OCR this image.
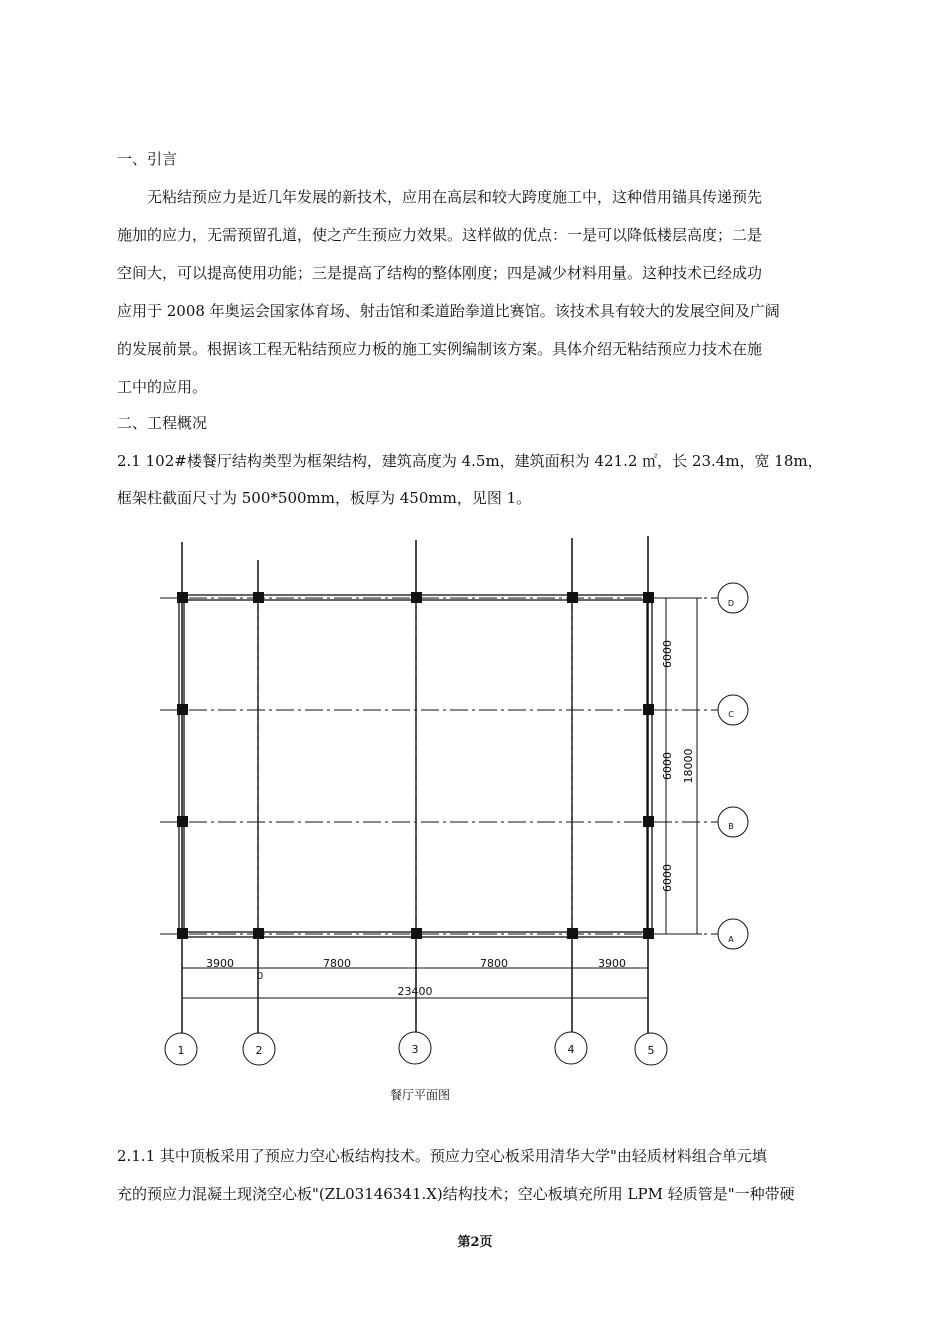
一、引言
无粘结预应力是近几年发展的新技术，应用在高层和较大跨度施工中，这种借用锚具传递预先
施加的应力，无需预留孔道，使之产生预应力效果。这样做的优点：一是可以降低楼层高度；二是
空间大，可以提高使用功能；三是提高了结构的整体刚度；四是减少材料用量。这种技术已经成功
应用于 2008 年奥运会国家体育场、射击馆和柔道跆拳道比赛馆。该技术具有较大的发展空间及广阔
的发展前景。根据该工程无粘结预应力板的施工实例编制该方案。具体介绍无粘结预应力技术在施
工中的应用。
二、工程概况
2.1 102#楼餐厅结构类型为框架结构，建筑高度为 4.5m，建筑面积为 421.2 ㎡，长 23.4m，宽 18m，
框架柱截面尺寸为 500*500mm，板厚为 450mm，见图 1。
6000
6000
6000
18000
D
C
B
A
3900	7800	7800	3900
0
23400
1	2	3	4	5
餐厅平面图
2.1.1 其中顶板采用了预应力空心板结构技术。预应力空心板采用清华大学"由轻质材料组合单元填
充的预应力混凝土现浇空心板"(ZL03146341.X)结构技术；空心板填充所用 LPM 轻质管是"一种带硬
第2页
